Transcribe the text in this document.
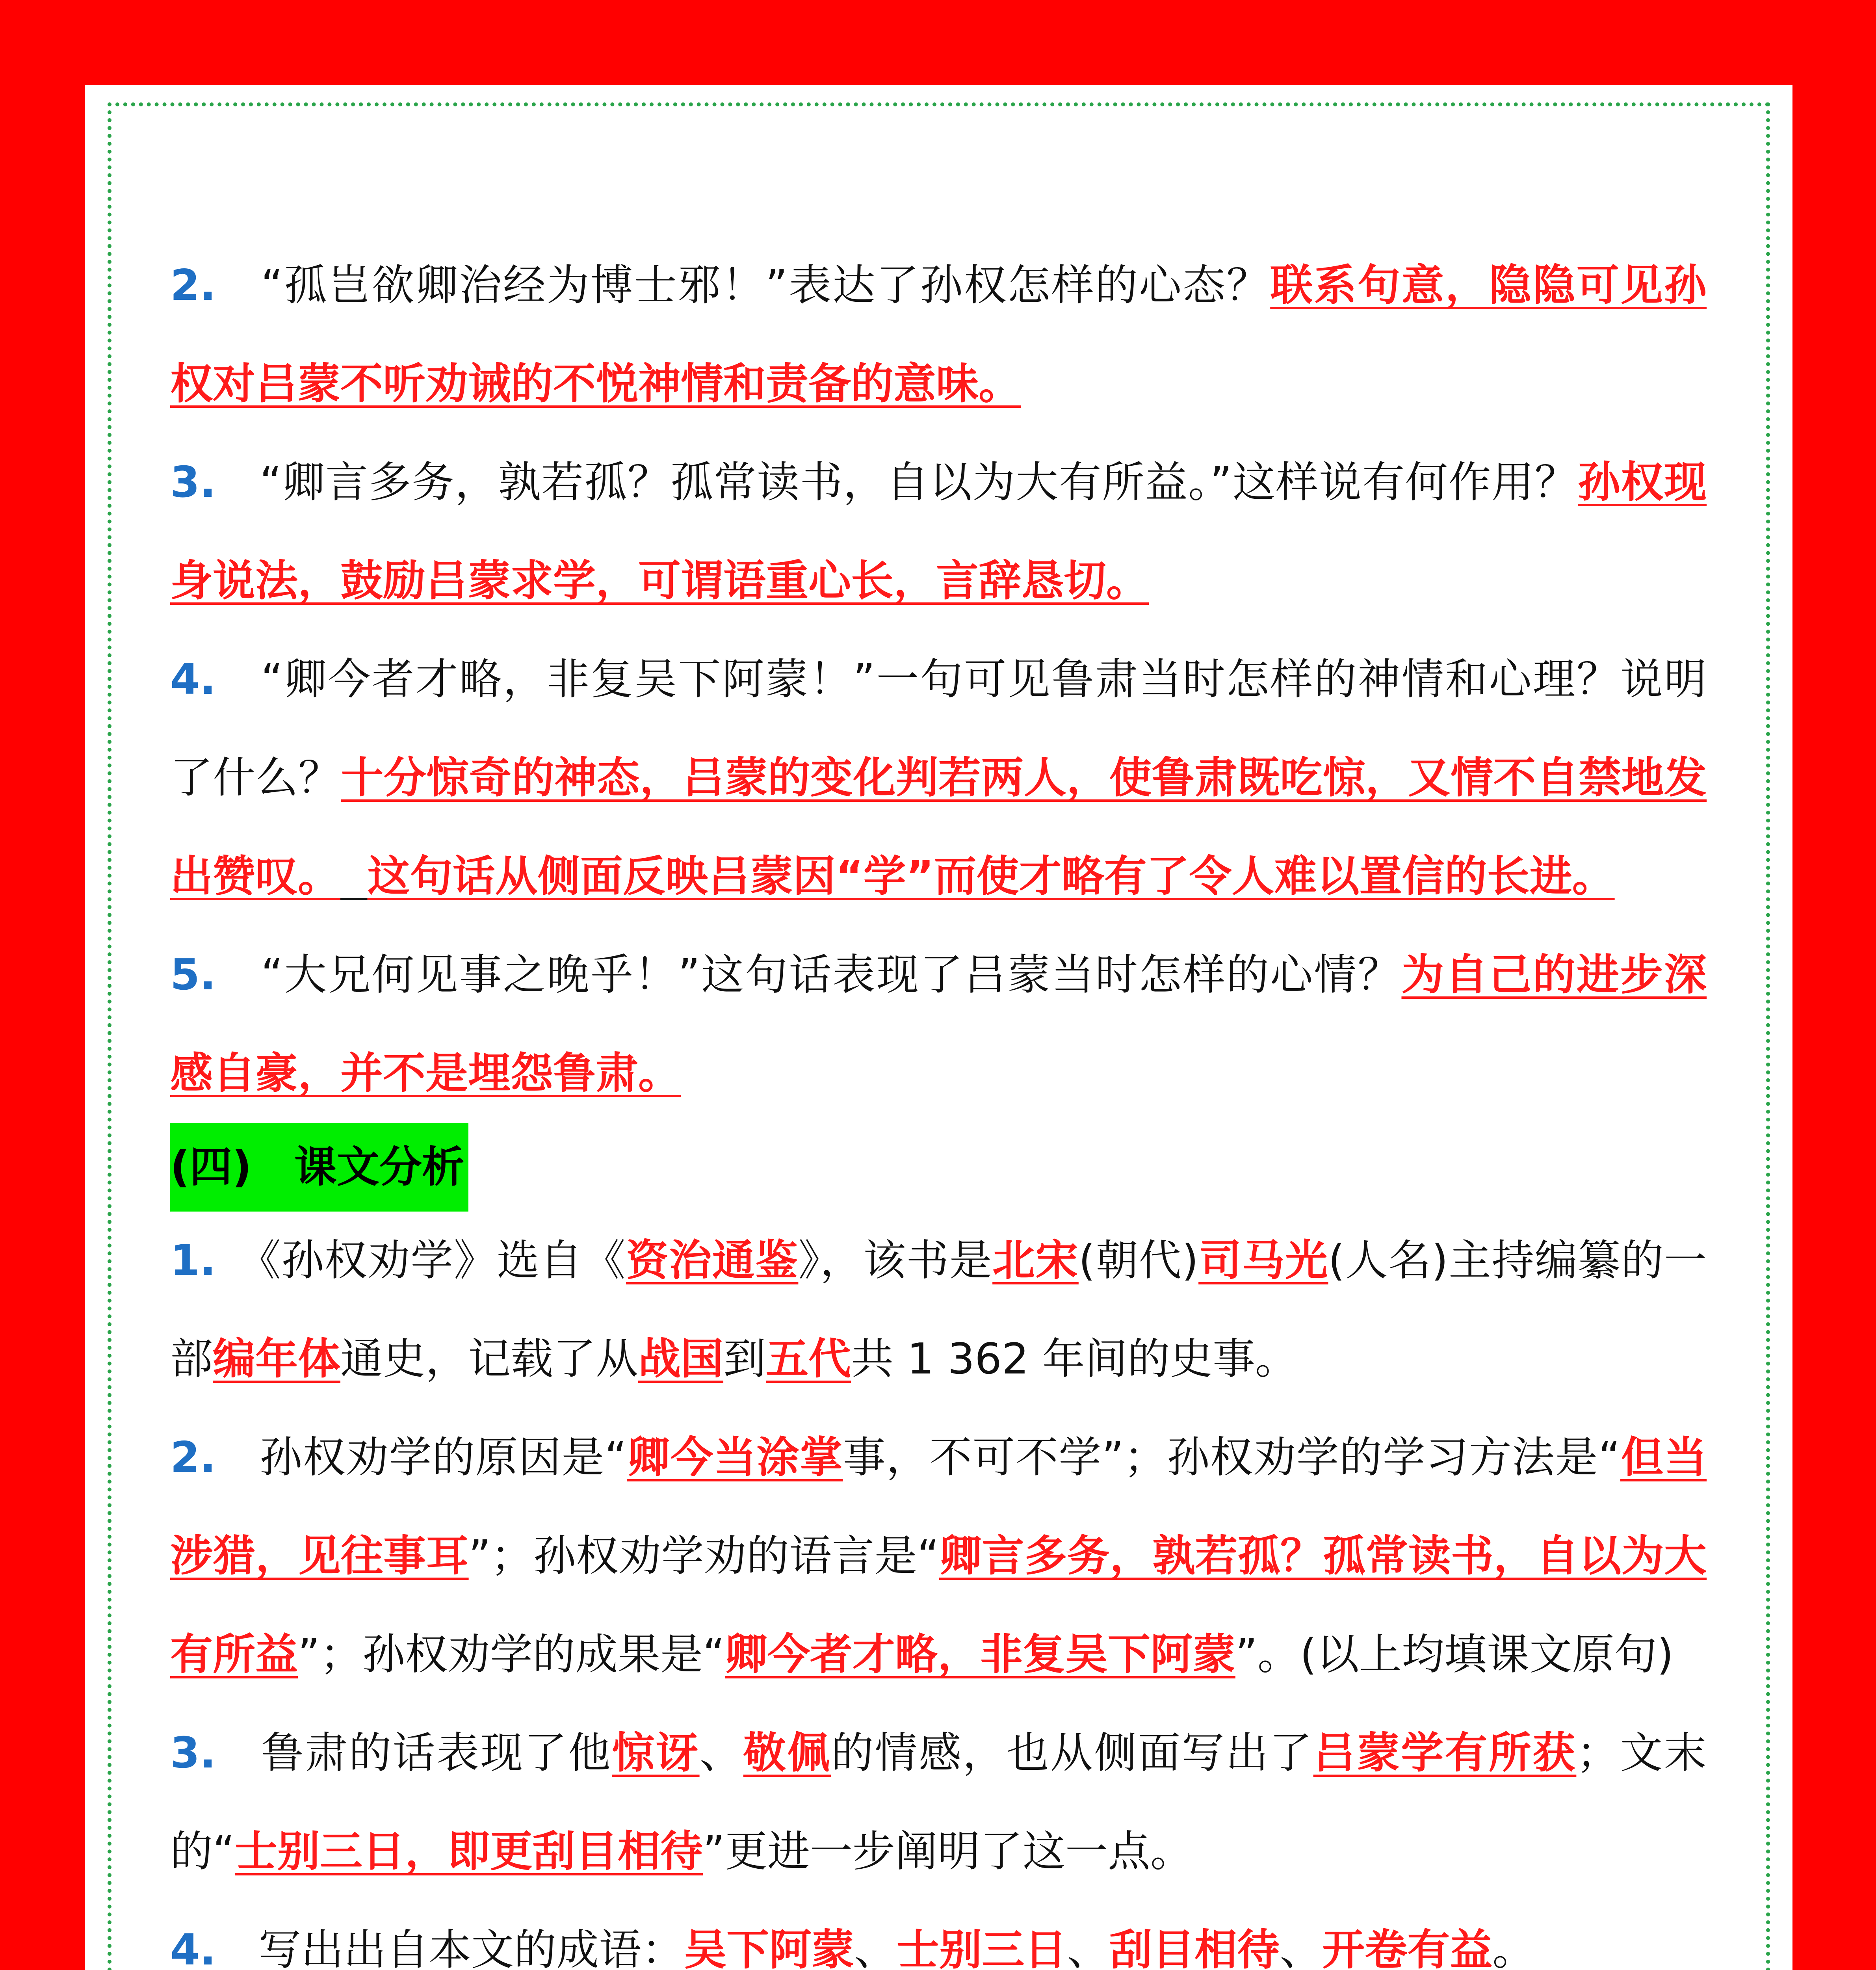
2.　 “孤岂欲卿治经为博士邪！”表达了孙权怎样的心态？联系句意，隐隐可见孙权对吕蒙不听劝诫的不悦神情和责备的意味。

3.　 “卿言多务，孰若孤？孤常读书，自以为大有所益。”这样说有何作用？孙权现身说法，鼓励吕蒙求学，可谓语重心长，言辞恳切。

4.　 “卿今者才略，非复吴下阿蒙！”一句可见鲁肃当时怎样的神情和心理？说明了什么？十分惊奇的神态，吕蒙的变化判若两人，使鲁肃既吃惊，又情不自禁地发出赞叹。 这句话从侧面反映吕蒙因“学”而使才略有了令人难以置信的长进。

5.　 “大兄何见事之晚乎！”这句话表现了吕蒙当时怎样的心情？为自己的进步深感自豪，并不是埋怨鲁肃。

(四)　课文分析

1.　 《孙权劝学》选自《资治通鉴》，该书是北宋(朝代)司马光(人名)主持编纂的一部编年体通史，记载了从战国到五代共 1 362 年间的史事。

2.　 孙权劝学的原因是“卿今当涂掌事，不可不学”；孙权劝学的学习方法是“但当涉猎，见往事耳”；孙权劝学劝的语言是“卿言多务，孰若孤？孤常读书，自以为大有所益”；孙权劝学的成果是“卿今者才略，非复吴下阿蒙”。(以上均填课文原句)

3.　 鲁肃的话表现了他惊讶、敬佩的情感，也从侧面写出了吕蒙学有所获；文末的“士别三日，即更刮目相待”更进一步阐明了这一点。

4.　 写出出自本文的成语：吴下阿蒙、士别三日、刮目相待、开卷有益。
